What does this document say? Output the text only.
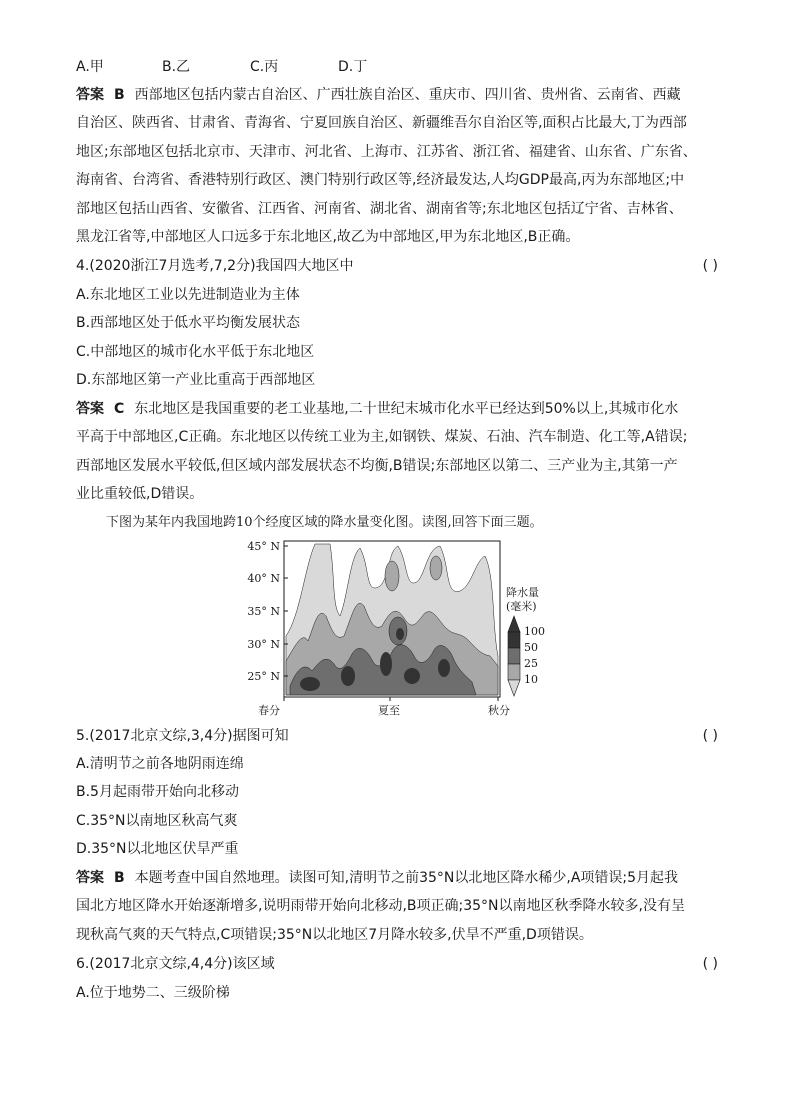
A.甲	B.乙	C.丙	D.丁
答案 B 西部地区包括内蒙古自治区、广西壮族自治区、重庆市、四川省、贵州省、云南省、西藏
自治区、陕西省、甘肃省、青海省、宁夏回族自治区、新疆维吾尔自治区等,面积占比最大,丁为西部
地区;东部地区包括北京市、天津市、河北省、上海市、江苏省、浙江省、福建省、山东省、广东省、
海南省、台湾省、香港特别行政区、澳门特别行政区等,经济最发达,人均GDP最高,丙为东部地区;中
部地区包括山西省、安徽省、江西省、河南省、湖北省、湖南省等;东北地区包括辽宁省、吉林省、
黑龙江省等,中部地区人口远多于东北地区,故乙为中部地区,甲为东北地区,B正确。
4.(2020浙江7月选考,7,2分)我国四大地区中	( )
A.东北地区工业以先进制造业为主体
B.西部地区处于低水平均衡发展状态
C.中部地区的城市化水平低于东北地区
D.东部地区第一产业比重高于西部地区
答案 C 东北地区是我国重要的老工业基地,二十世纪末城市化水平已经达到50%以上,其城市化水
平高于中部地区,C正确。东北地区以传统工业为主,如钢铁、煤炭、石油、汽车制造、化工等,A错误;
西部地区发展水平较低,但区域内部发展状态不均衡,B错误;东部地区以第二、三产业为主,其第一产
业比重较低,D错误。
下图为某年内我国地跨10个经度区域的降水量变化图。读图,回答下面三题。
45° N
40° N
35° N
30° N
25° N
春分	夏至	秋分
降水量
(毫米)
100
50
25
10
5.(2017北京文综,3,4分)据图可知	( )
A.清明节之前各地阴雨连绵
B.5月起雨带开始向北移动
C.35°N以南地区秋高气爽
D.35°N以北地区伏旱严重
答案 B 本题考查中国自然地理。读图可知,清明节之前35°N以北地区降水稀少,A项错误;5月起我
国北方地区降水开始逐渐增多,说明雨带开始向北移动,B项正确;35°N以南地区秋季降水较多,没有呈
现秋高气爽的天气特点,C项错误;35°N以北地区7月降水较多,伏旱不严重,D项错误。
6.(2017北京文综,4,4分)该区域	( )
A.位于地势二、三级阶梯
